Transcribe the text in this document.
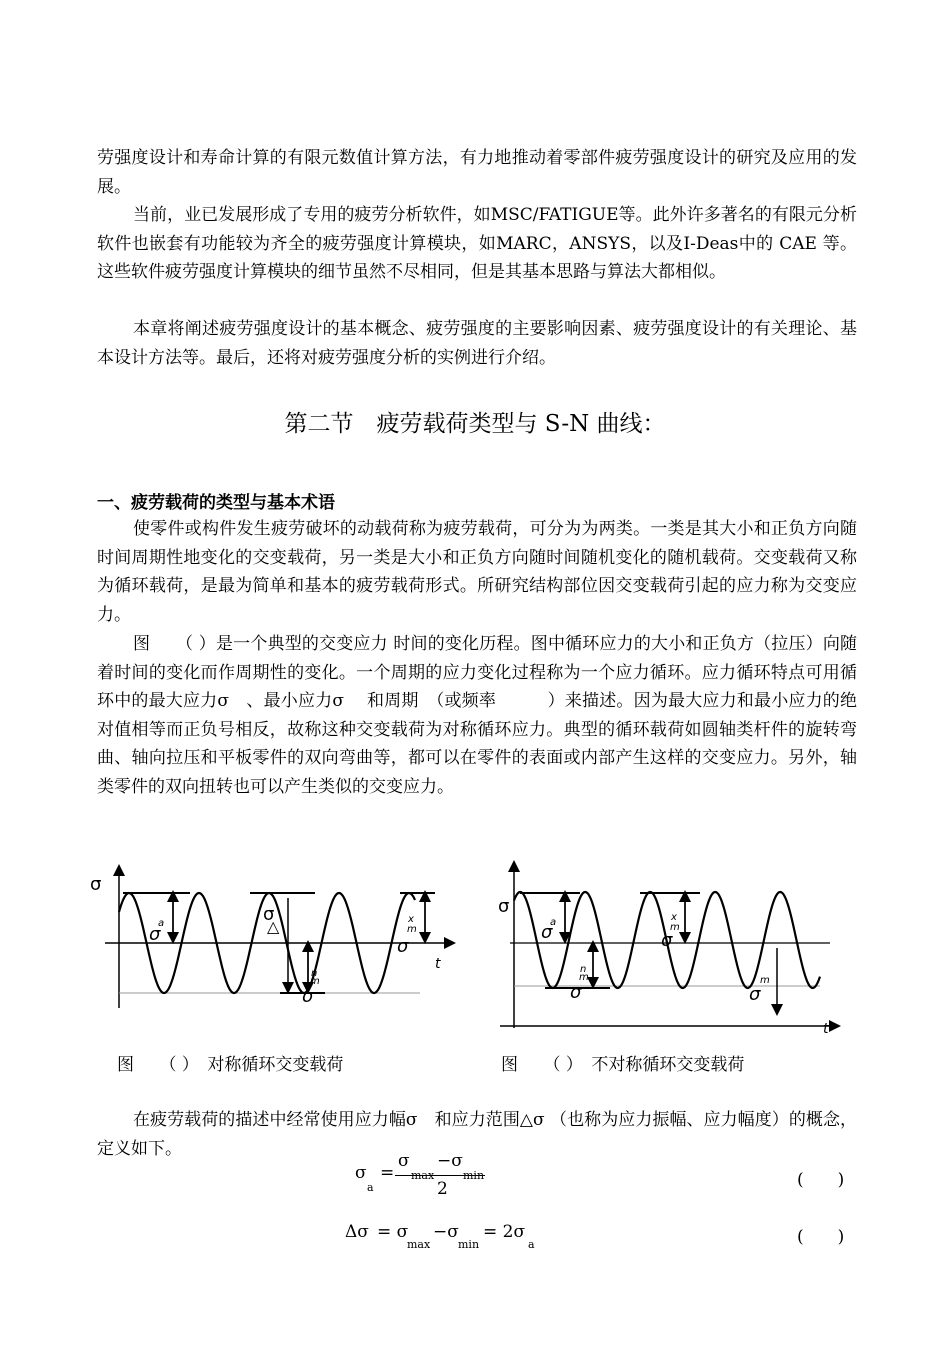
劳强度设计和寿命计算的有限元数值计算方法，有力地推动着零部件疲劳强度设计的研究及应用的发展。

当前，业已发展形成了专用的疲劳分析软件，如MSC/FATIGUE等。此外许多著名的有限元分析软件也嵌套有功能较为齐全的疲劳强度计算模块，如MARC，ANSYS，以及I-Deas中的 CAE 等。这些软件疲劳强度计算模块的细节虽然不尽相同，但是其基本思路与算法大都相似。

本章将阐述疲劳强度设计的基本概念、疲劳强度的主要影响因素、疲劳强度设计的有关理论、基本设计方法等。最后，还将对疲劳强度分析的实例进行介绍。

第二节　疲劳载荷类型与 S-N 曲线：
一、疲劳载荷的类型与基本术语

使零件或构件发生疲劳破坏的动载荷称为疲劳载荷，可分为为两类。一类是其大小和正负方向随时间周期性地变化的交变载荷，另一类是大小和正负方向随时间随机变化的随机载荷。交变载荷又称为循环载荷，是最为简单和基本的疲劳载荷形式。所研究结构部位因交变载荷引起的应力称为交变应力。

图　　（ ）是一个典型的交变应力 时间的变化历程。图中循环应力的大小和正负方（拉压）向随着时间的变化而作周期性的变化。一个周期的应力变化过程称为一个应力循环。应力循环特点可用循环中的最大应力σ　、最小应力σ　 和周期　（或频率　　　）来描述。因为最大应力和最小应力的绝对值相等而正负号相反，故称这种交变载荷为对称循环应力。典型的循环载荷如圆轴类杆件的旋转弯曲、轴向拉压和平板零件的双向弯曲等，都可以在零件的表面或内部产生这样的交变应力。另外，轴类零件的双向扭转也可以产生类似的交变应力。

σ
t
a
σ
σ
△	x
m
σ
n
m
σ
σ
t
a
σ
x
m
σ
n
m
σ
m
σ
图　　（ ）　对称循环交变载荷	图　　（ ）　不对称循环交变载荷

在疲劳载荷的描述中经常使用应力幅σ　和应力范围△σ （也称为应力振幅、应力幅度）的概念，定义如下。

σ
a
=
σ
max
−σ
min
2	(　　)
Δσ = σ
max
−σ
min
= 2σ
a	(　　)
